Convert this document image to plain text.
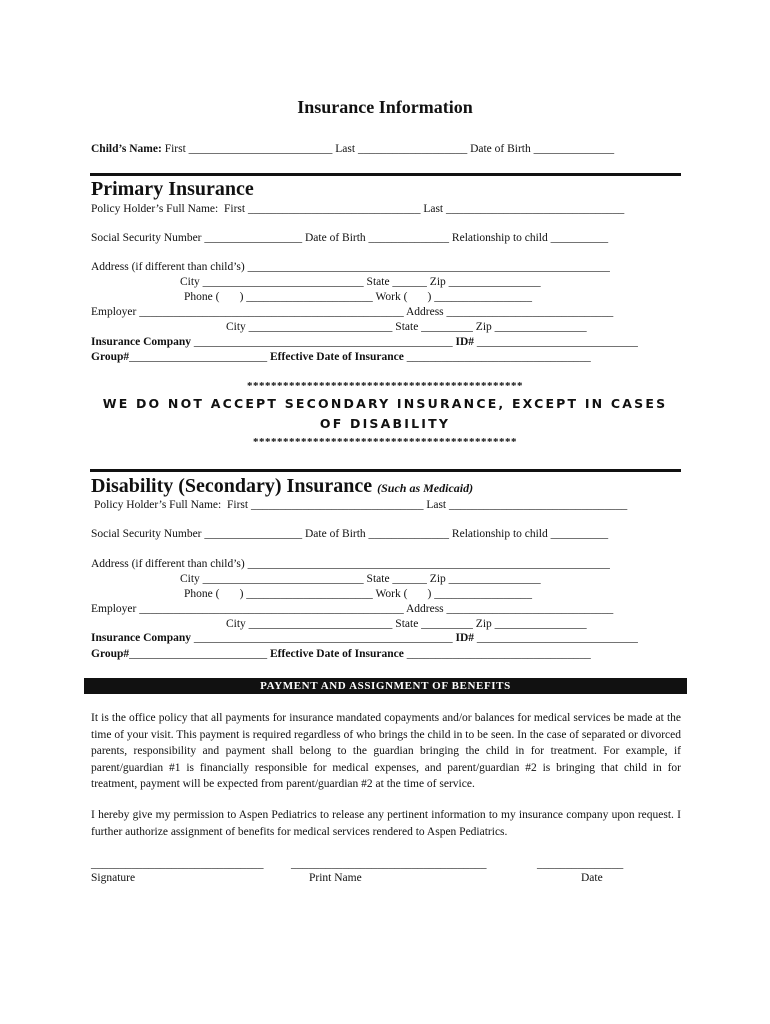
Insurance Information
Child’s Name: First _________________________ Last ___________________ Date of Birth ______________
Primary Insurance
Policy Holder’s Full Name:  First ______________________________ Last _______________________________
Social Security Number _________________ Date of Birth ______________ Relationship to child __________
Address (if different than child’s) _______________________________________________________________
City ____________________________ State ______ Zip ________________
Phone (       ) ______________________ Work (       ) _________________
Employer ______________________________________________ Address _____________________________
City _________________________ State _________ Zip ________________
Insurance Company _____________________________________________ ID# ____________________________
Group#________________________ Effective Date of Insurance ________________________________
**********************************************
WE DO NOT ACCEPT SECONDARY INSURANCE, EXCEPT IN CASES OF DISABILITY
********************************************
Disability (Secondary) Insurance (Such as Medicaid)
Policy Holder’s Full Name:  First ______________________________ Last _______________________________
Social Security Number _________________ Date of Birth ______________ Relationship to child __________
Address (if different than child’s) _______________________________________________________________
City ____________________________ State ______ Zip ________________
Phone (       ) ______________________ Work (       ) _________________
Employer ______________________________________________ Address _____________________________
City _________________________ State _________ Zip ________________
Insurance Company _____________________________________________ ID# ____________________________
Group#________________________ Effective Date of Insurance ________________________________
PAYMENT AND ASSIGNMENT OF BENEFITS
It is the office policy that all payments for insurance mandated copayments and/or balances for medical services be made at the time of your visit. This payment is required regardless of who brings the child in to be seen. In the case of separated or divorced parents, responsibility and payment shall belong to the guardian bringing the child in for treatment. For example, if parent/guardian #1 is financially responsible for medical expenses, and parent/guardian #2 is bringing that child in for treatment, payment will be expected from parent/guardian #2 at the time of service.
I hereby give my permission to Aspen Pediatrics to release any pertinent information to my insurance company upon request. I further authorize assignment of benefits for medical services rendered to Aspen Pediatrics.
______________________________ __________________________________	_______________
Signature	Print Name	Date
